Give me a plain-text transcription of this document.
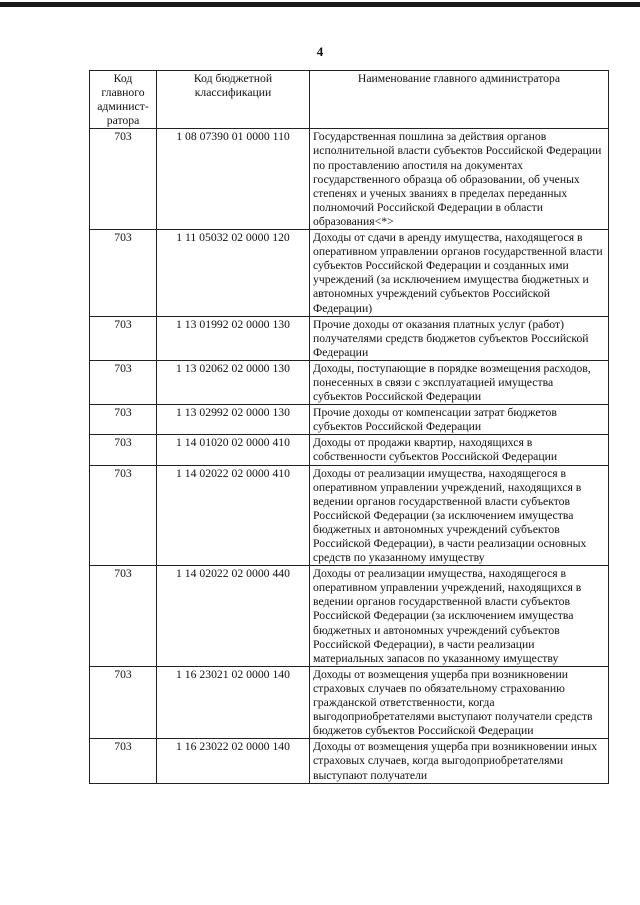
4
Код главного админист-ратора	Код бюджетной классификации	Наименование главного администратора
703	1 08 07390 01 0000 110	Государственная пошлина за действия органов исполнительной власти субъектов Российской Федерации по проставлению апостиля на документах государственного образца об образовании, об ученых степенях и ученых званиях в пределах переданных полномочий Российской Федерации в области образования<*>
703	1 11 05032 02 0000 120	Доходы от сдачи в аренду имущества, находящегося в оперативном управлении органов государственной власти субъектов Российской Федерации и созданных ими учреждений (за исключением имущества бюджетных и автономных учреждений субъектов Российской Федерации)
703	1 13 01992 02 0000 130	Прочие доходы от оказания платных услуг (работ) получателями средств бюджетов субъектов Российской Федерации
703	1 13 02062 02 0000 130	Доходы, поступающие в порядке возмещения расходов, понесенных в связи с эксплуатацией имущества субъектов Российской Федерации
703	1 13 02992 02 0000 130	Прочие доходы от компенсации затрат бюджетов субъектов Российской Федерации
703	1 14 01020 02 0000 410	Доходы от продажи квартир, находящихся в собственности субъектов Российской Федерации
703	1 14 02022 02 0000 410	Доходы от реализации имущества, находящегося в оперативном управлении учреждений, находящихся в ведении органов государственной власти субъектов Российской Федерации (за исключением имущества бюджетных и автономных учреждений субъектов Российской Федерации), в части реализации основных средств по указанному имуществу
703	1 14 02022 02 0000 440	Доходы от реализации имущества, находящегося в оперативном управлении учреждений, находящихся в ведении органов государственной власти субъектов Российской Федерации (за исключением имущества бюджетных и автономных учреждений субъектов Российской Федерации), в части реализации материальных запасов по указанному имуществу
703	1 16 23021 02 0000 140	Доходы от возмещения ущерба при возникновении страховых случаев по обязательному страхованию гражданской ответственности, когда выгодоприобретателями выступают получатели средств бюджетов субъектов Российской Федерации
703	1 16 23022 02 0000 140	Доходы от возмещения ущерба при возникновении иных страховых случаев, когда выгодоприобретателями выступают получатели
